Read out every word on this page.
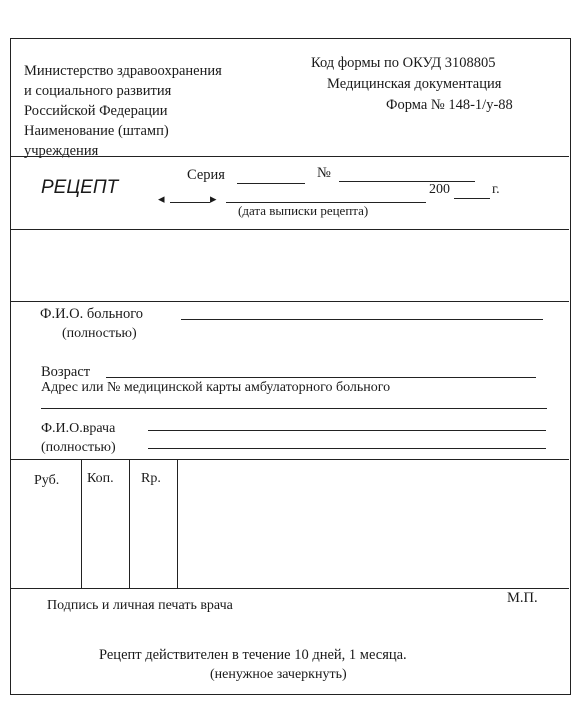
Министерство здравоохранения
и социального развития
Российской Федерации
Наименование (штамп)
учреждения
Код формы по ОКУД 3108805
Медицинская документация
Форма № 148-1/у-88
РЕЦЕПТ
Серия	№
◂	▸
200	г.
(дата выписки рецепта)
Ф.И.О. больного
(полностью)
Возраст
Адрес или № медицинской карты амбулаторного больного
Ф.И.О.врача
(полностью)
Руб. Коп. Rp.
Подпись и личная печать врача	М.П.
Рецепт действителен в течение 10 дней, 1 месяца.
(ненужное зачеркнуть)
